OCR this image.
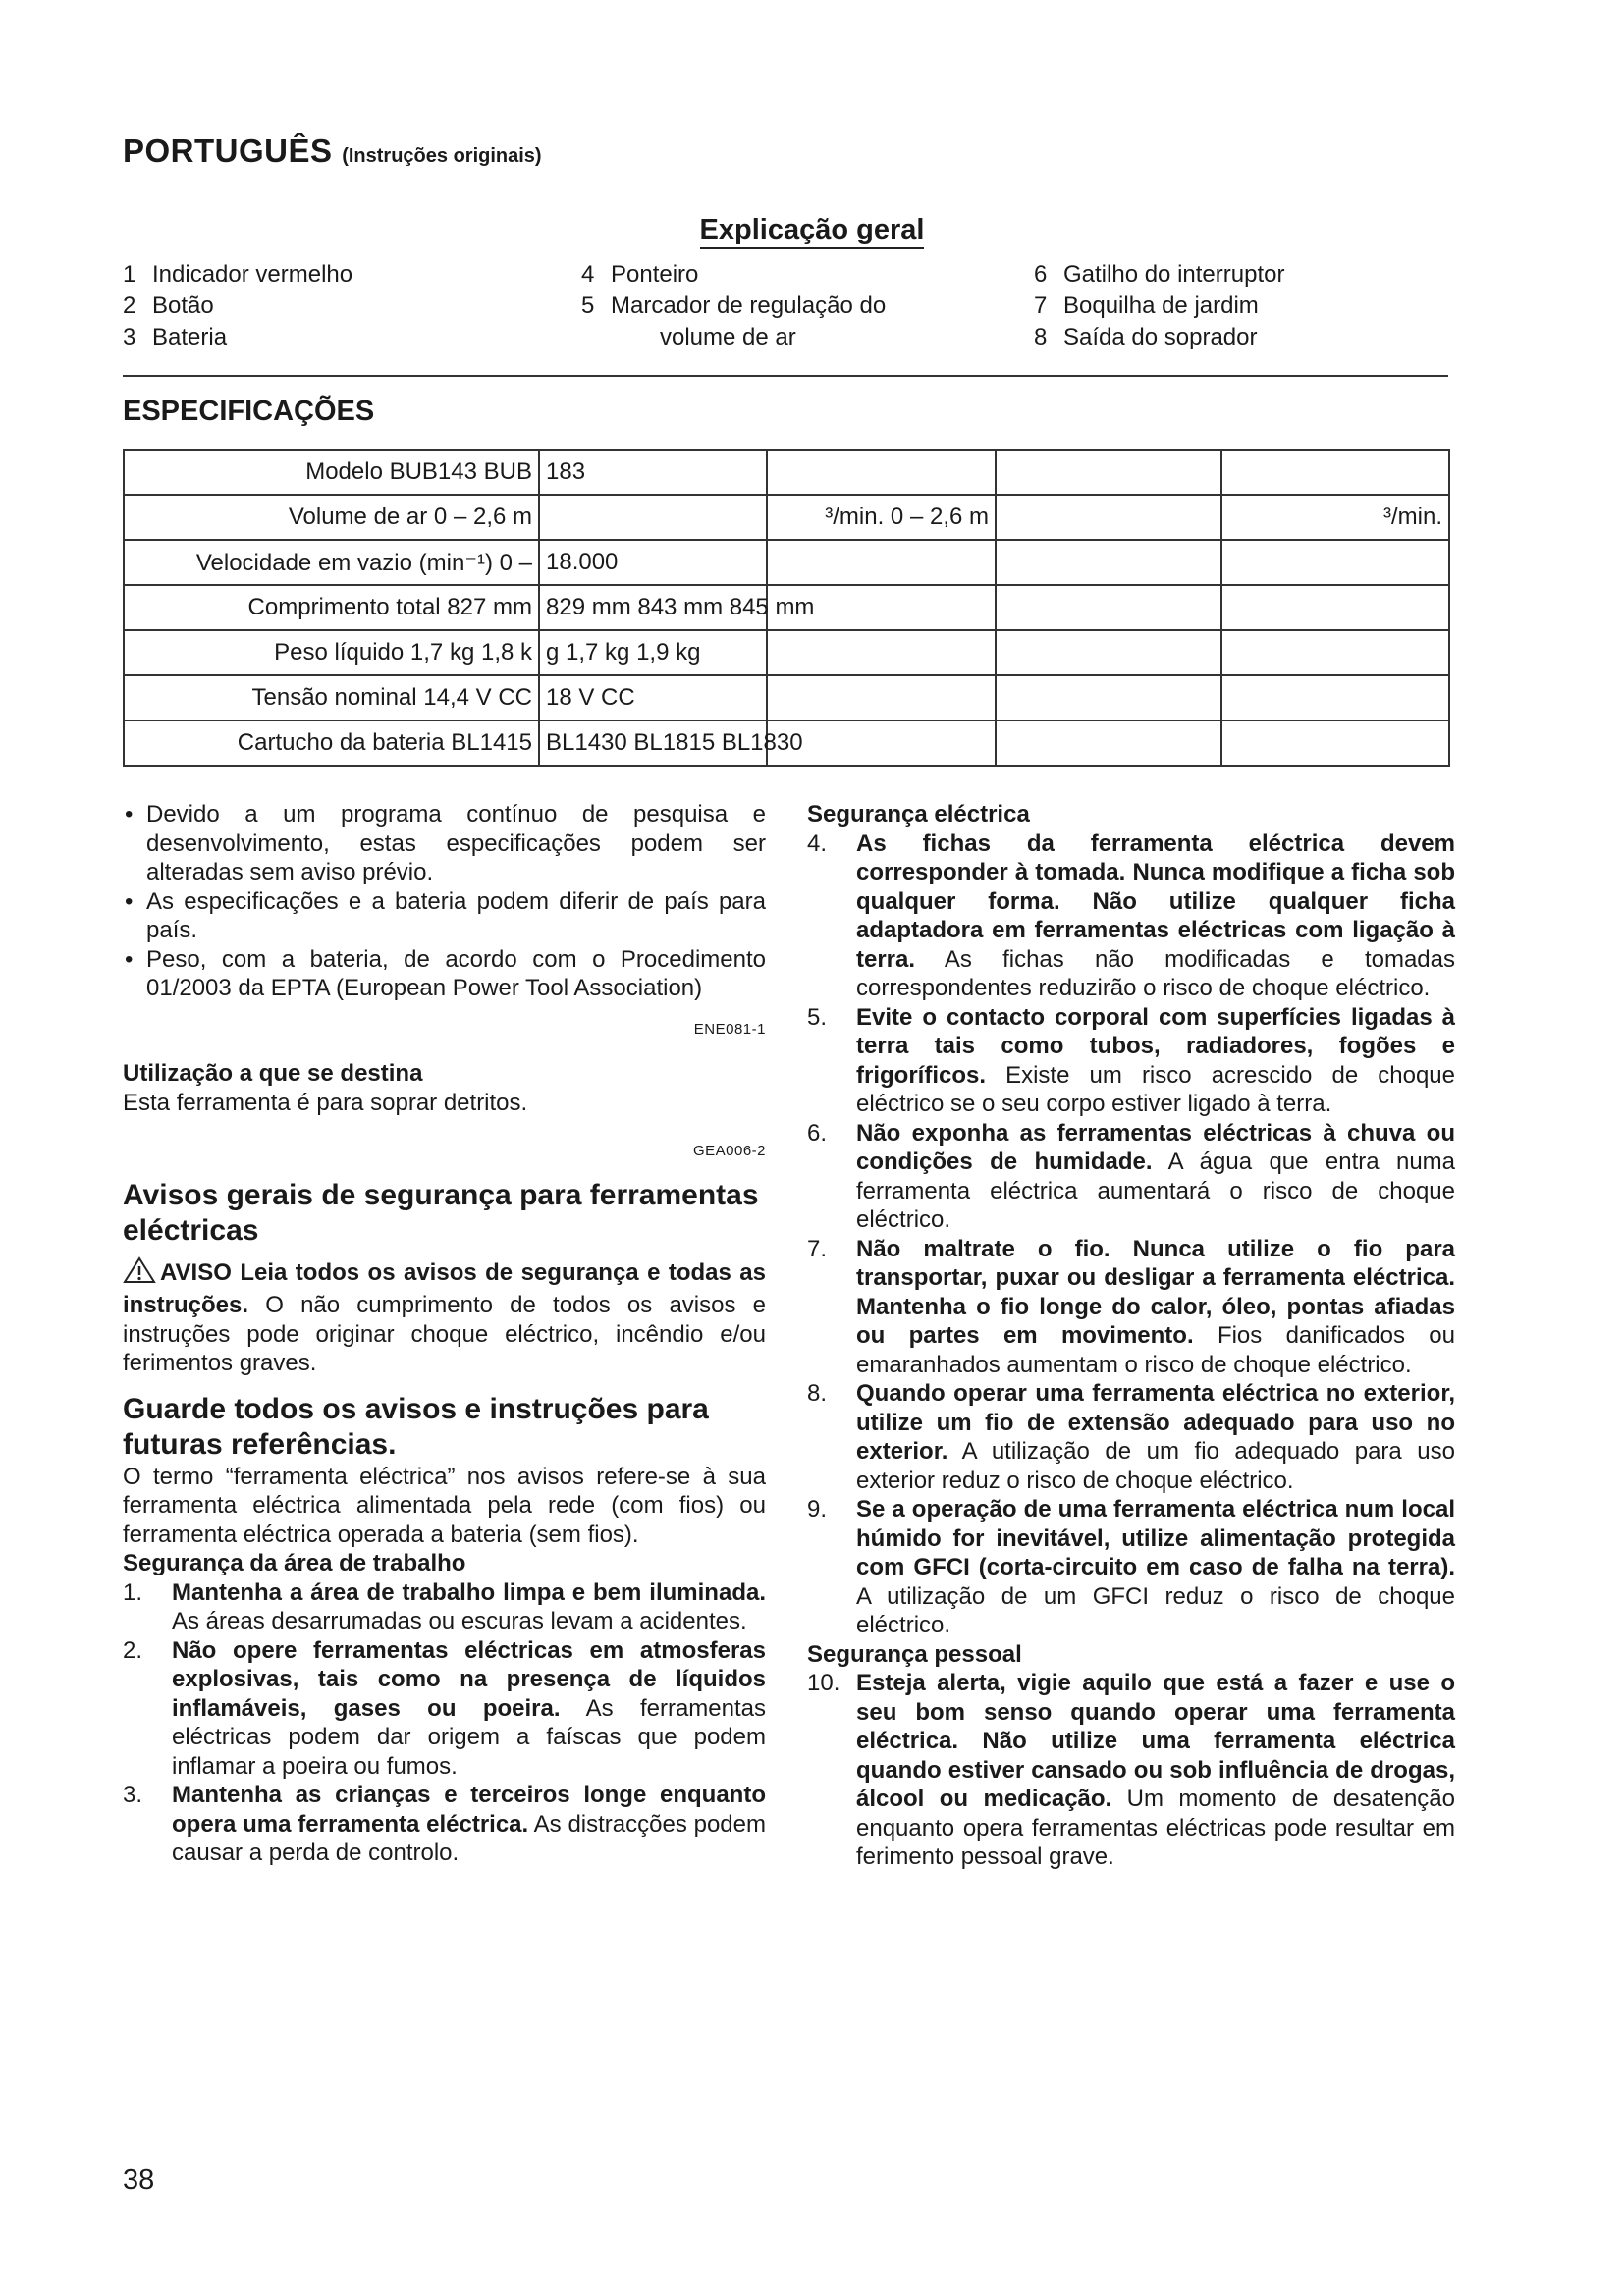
PORTUGUÊS (Instruções originais)
Explicação geral
1 Indicador vermelho
2 Botão
3 Bateria
4 Ponteiro
5 Marcador de regulação do
volume de ar
6 Gatilho do interruptor
7 Boquilha de jardim
8 Saída do soprador
ESPECIFICAÇÕES
Modelo BUB143 BUB	183			
Volume de ar 0 – 2,6 m		³/min. 0 – 2,6 m		³/min.
Velocidade em vazio (min⁻¹) 0 –	18.000			
Comprimento total 827 mm	829 mm 843 mm 845 mm			
Peso líquido 1,7 kg 1,8 k	g 1,7 kg 1,9 kg			
Tensão nominal 14,4 V CC	18 V CC			
Cartucho da bateria BL1415	BL1430 BL1815 BL1830			
• Devido a um programa contínuo de pesquisa e desenvolvimento, estas especificações podem ser alteradas sem aviso prévio.
• As especificações e a bateria podem diferir de país para país.
• Peso, com a bateria, de acordo com o Procedimento 01/2003 da EPTA (European Power Tool Association)

ENE081-1

Utilização a que se destina

Esta ferramenta é para soprar detritos.

GEA006-2

Avisos gerais de segurança para ferramentas eléctricas

AVISO Leia todos os avisos de segurança e todas as instruções. O não cumprimento de todos os avisos e instruções pode originar choque eléctrico, incêndio e/ou ferimentos graves.

Guarde todos os avisos e instruções para futuras referências.

O termo “ferramenta eléctrica” nos avisos refere-se à sua ferramenta eléctrica alimentada pela rede (com fios) ou ferramenta eléctrica operada a bateria (sem fios).

Segurança da área de trabalho

1. Mantenha a área de trabalho limpa e bem iluminada. As áreas desarrumadas ou escuras levam a acidentes.
2. Não opere ferramentas eléctricas em atmosferas explosivas, tais como na presença de líquidos inflamáveis, gases ou poeira. As ferramentas eléctricas podem dar origem a faíscas que podem inflamar a poeira ou fumos.
3. Mantenha as crianças e terceiros longe enquanto opera uma ferramenta eléctrica. As distracções podem causar a perda de controlo.

Segurança eléctrica

4. As fichas da ferramenta eléctrica devem corresponder à tomada. Nunca modifique a ficha sob qualquer forma. Não utilize qualquer ficha adaptadora em ferramentas eléctricas com ligação à terra. As fichas não modificadas e tomadas correspondentes reduzirão o risco de choque eléctrico.
5. Evite o contacto corporal com superfícies ligadas à terra tais como tubos, radiadores, fogões e frigoríficos. Existe um risco acrescido de choque eléctrico se o seu corpo estiver ligado à terra.
6. Não exponha as ferramentas eléctricas à chuva ou condições de humidade. A água que entra numa ferramenta eléctrica aumentará o risco de choque eléctrico.
7. Não maltrate o fio. Nunca utilize o fio para transportar, puxar ou desligar a ferramenta eléctrica. Mantenha o fio longe do calor, óleo, pontas afiadas ou partes em movimento. Fios danificados ou emaranhados aumentam o risco de choque eléctrico.
8. Quando operar uma ferramenta eléctrica no exterior, utilize um fio de extensão adequado para uso no exterior. A utilização de um fio adequado para uso exterior reduz o risco de choque eléctrico.
9. Se a operação de uma ferramenta eléctrica num local húmido for inevitável, utilize alimentação protegida com GFCI (corta-circuito em caso de falha na terra). A utilização de um GFCI reduz o risco de choque eléctrico.

Segurança pessoal

10. Esteja alerta, vigie aquilo que está a fazer e use o seu bom senso quando operar uma ferramenta eléctrica. Não utilize uma ferramenta eléctrica quando estiver cansado ou sob influência de drogas, álcool ou medicação. Um momento de desatenção enquanto opera ferramentas eléctricas pode resultar em ferimento pessoal grave.
38
